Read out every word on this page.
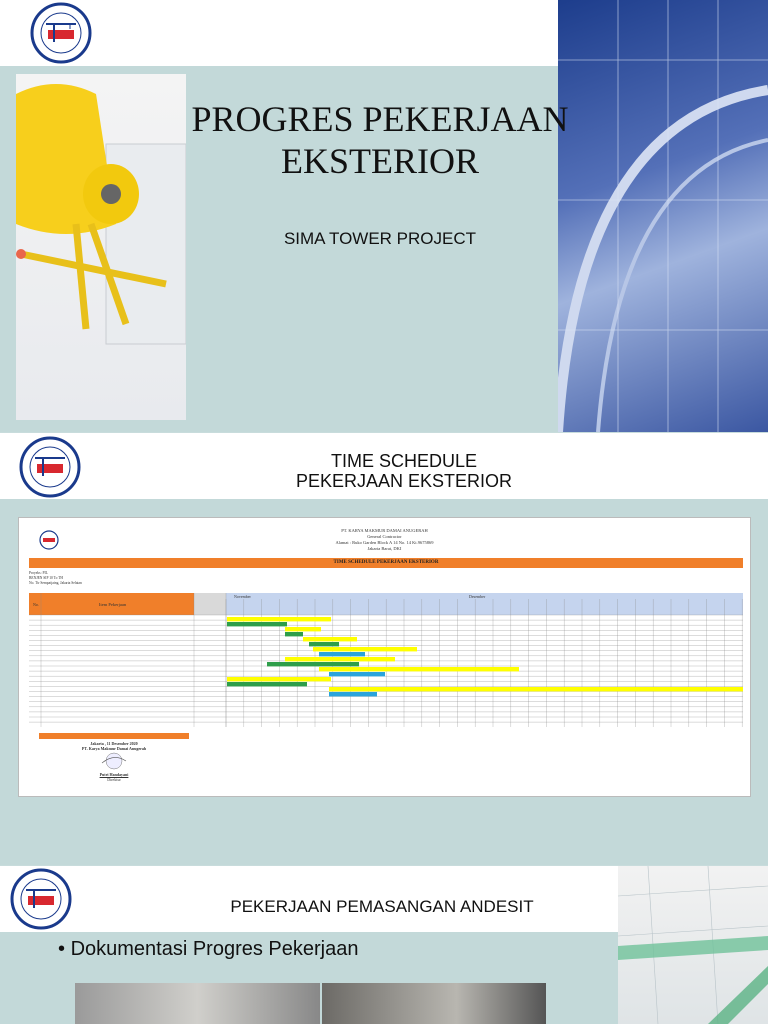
PROGRES PEKERJAAN
EKSTERIOR
SIMA TOWER PROJECT
TIME SCHEDULE
PEKERJAAN EKSTERIOR
PT. KARYA MAKMUR DAMAI ANUGERAH
General Contractor
Alamat : Ruko Garden Block A 14 No. 14 Kt.9675869
Jakarta Barat, DKI
TIME SCHEDULE PEKERJAAN EKSTERIOR
Proyeks: PIL
BENJEN SIP 10 To TH
No. Ttr Sempatjaing, Jakarta Selatan
No.	Item Pekerjaan
November	Desember
Jakarta , 11 Desember 2020
PT. Karya Makmur Damai Anugerah
Putri Handayani
Direktur
PEKERJAAN PEMASANGAN ANDESIT
• Dokumentasi Progres Pekerjaan
